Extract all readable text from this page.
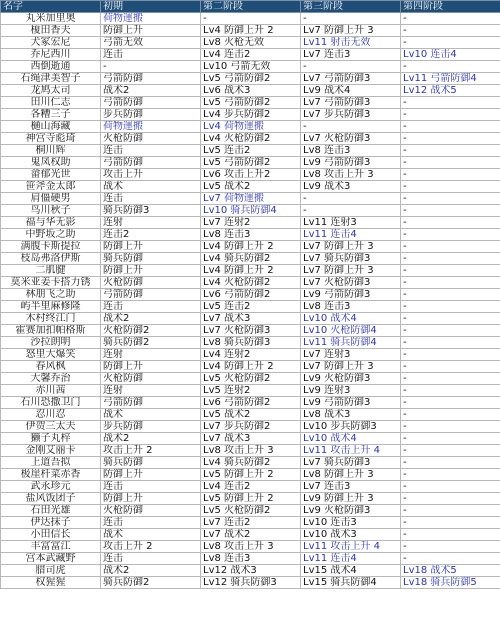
名字	初期	第二阶段	第三阶段	第四阶段
丸米加里奥	荷物運搬	-	-	-
榎田香夫	防御上升	Lv4 防御上升 2	Lv7 防御上升 3	-
犬冢宏尼	弓箭无效	Lv8 火枪无效	Lv11 射击无效	-
乔尼西川	连击	Lv4 连击2	Lv7 连击3	Lv10 连击4
西倒逝通	-	Lv10 弓箭无效	-	-
石绳津美智子	弓箭防御	Lv5 弓箭防御2	Lv7 弓箭防御3	Lv11 弓箭防御4
龙鸠太司	战术2	Lv6 战术3	Lv9 战术4	Lv12 战术5
田川仁志	弓箭防御	Lv5 弓箭防御2	Lv7 弓箭防御3	-
各糟三子	步兵防御	Lv4 步兵防御2	Lv7 步兵防御3	-
樋山海藏	荷物運搬	Lv4 荷物運搬	-	-
神宫寺彪琦	火枪防御	Lv4 火枪防御2	Lv7 火枪防御3	-
桐川辉	连击	Lv5 连击2	Lv8 连击3	-
鬼凤权助	弓箭防御	Lv5 弓箭防御2	Lv9 弓箭防御3	-
畲郁光世	攻击上升	Lv6 攻击上升2	Lv8 攻击上升 3	-
笹斧金太郎	战术	Lv5 战术2	Lv9 战术3	-
肩僵硬男	连击	Lv7 荷物運搬	-	-
鸟川秋子	骑兵防御3	Lv10 骑兵防御4	-	-
福与华无影	连射	Lv7 连射2	Lv11 连射3	-
中野坂之助	连击2	Lv8 连击3	Lv11 连击4	-
满腹卡斯提拉	防御上升	Lv4 防御上升 2	Lv7 防御上升 3	-
枝岛弗洛伊斯	骑兵防御	Lv4 骑兵防御2	Lv7 骑兵防御3	-
二肌腱	防御上升	Lv4 防御上升 2	Lv7 防御上升 3	-
莫米亚姜卡搭力锈	火枪防御	Lv4 火枪防御2	Lv7 火枪防御3	-
林朋飞之助	弓箭防御	Lv6 弓箭防御2	Lv9 弓箭防御3	-
屿半里麻修隆	连击	Lv5 连击2	Lv8 连击3	-
木村终江门	战术2	Lv7 战术3	Lv10 战术4	-
霍赛加扣帕格斯	火枪防御2	Lv7 火枪防御3	Lv10 火枪防御4	-
沙拉朗明	骑兵防御2	Lv8 骑兵防御3	Lv11 骑兵防御4	-
怒里大爆笑	连射	Lv4 连射2	Lv7 连射3	-
春风枫	防御上升	Lv4 防御上升 2	Lv7 防御上升 3	-
大馨乔治	火枪防御	Lv5 火枪防御2	Lv9 火枪防御3	-
赤川茜	连射	Lv5 连射2	Lv9 连射3	-
石川恐撒卫门	弓箭防御	Lv6 弓箭防御2	Lv9 弓箭防御3	-
忍川忍	战术	Lv5 战术2	Lv8 战术3	-
伊贺三太夫	步兵防御	Lv7 步兵防御2	Lv10 步兵防御3	-
獭子丸梓	战术2	Lv7 战术3	Lv10 战术4	-
金刚艾丽卡	攻击上升 2	Lv8 攻击上升 3	Lv11 攻击上升 4	-
上道吾拟	骑兵防御	Lv4 骑兵防御2	Lv7 骑兵防御3	-
极崖杆菜赤香	防御上升	Lv5 防御上升 2	Lv8 防御上升 3	-
武永珍元	连击	Lv4 连击2	Lv7 连击3	-
盐风饭团子	防御上升	Lv5 防御上升 2	Lv9 防御上升 3	-
石田光雄	火枪防御	Lv5 火枪防御2	Lv9 火枪防御3	-
伊达抹子	连击	Lv7 连击2	Lv10 连击3	-
小田信长	战术	Lv7 战术2	Lv10 战术3	-
丰富富江	攻击上升 2	Lv8 攻击上升 3	Lv11 攻击上升 4	-
宫本武藏野	连击	Lv8 连击3	Lv11 连击4	-
腊司虎	战术2	Lv12 战术3	Lv15 战术4	Lv18 战术5
权猩猩	骑兵防御2	Lv12 骑兵防御3	Lv15 骑兵防御4	Lv18 骑兵防御5
